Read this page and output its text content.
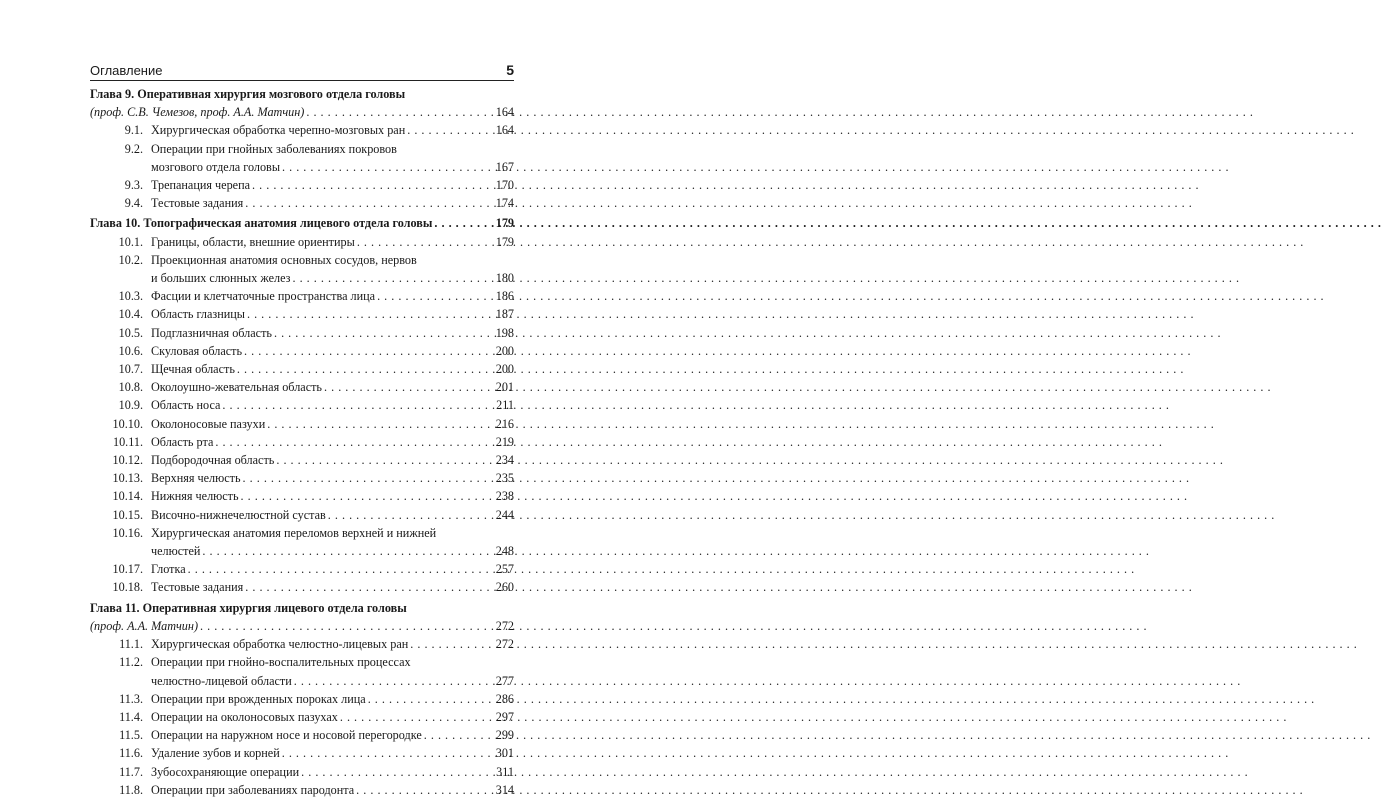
Оглавление	5
Глава 9. Оперативная хирургия мозгового отдела головы
(проф. С.В. Чемезов, проф. А.А. Матчин) . . .	164
9.1. Хирургическая обработка черепно-мозговых ран . . .	164
9.2. Операции при гнойных заболеваниях покровов
мозгового отдела головы . . .	167
9.3. Трепанация черепа . . .	170
9.4. Тестовые задания . . .	174
Глава 10. Топографическая анатомия лицевого отдела головы . . .	179
10.1. Границы, области, внешние ориентиры . . .	179
10.2. Проекционная анатомия основных сосудов, нервов
и больших слюнных желез . . .	180
10.3. Фасции и клетчаточные пространства лица . . .	186
10.4. Область глазницы . . .	187
10.5. Подглазничная область . . .	198
10.6. Скуловая область . . .	200
10.7. Щечная область . . .	200
10.8. Околоушно-жевательная область . . .	201
10.9. Область носа . . .	211
10.10. Околоносовые пазухи . . .	216
10.11. Область рта . . .	219
10.12. Подбородочная область . . .	234
10.13. Верхняя челюсть . . .	235
10.14. Нижняя челюсть . . .	238
10.15. Височно-нижнечелюстной сустав . . .	244
10.16. Хирургическая анатомия переломов верхней и нижней
челюстей . . .	248
10.17. Глотка . . .	257
10.18. Тестовые задания . . .	260
Глава 11. Оперативная хирургия лицевого отдела головы
(проф. А.А. Матчин) . . .	272
11.1. Хирургическая обработка челюстно-лицевых ран . . .	272
11.2. Операции при гнойно-воспалительных процессах
челюстно-лицевой области . . .	277
11.3. Операции при врожденных пороках лица . . .	286
11.4. Операции на околоносовых пазухах . . .	297
11.5. Операции на наружном носе и носовой перегородке . . .	299
11.6. Удаление зубов и корней . . .	301
11.7. Зубосохраняющие операции . . .	311
11.8. Операции при заболеваниях пародонта . . .	314
